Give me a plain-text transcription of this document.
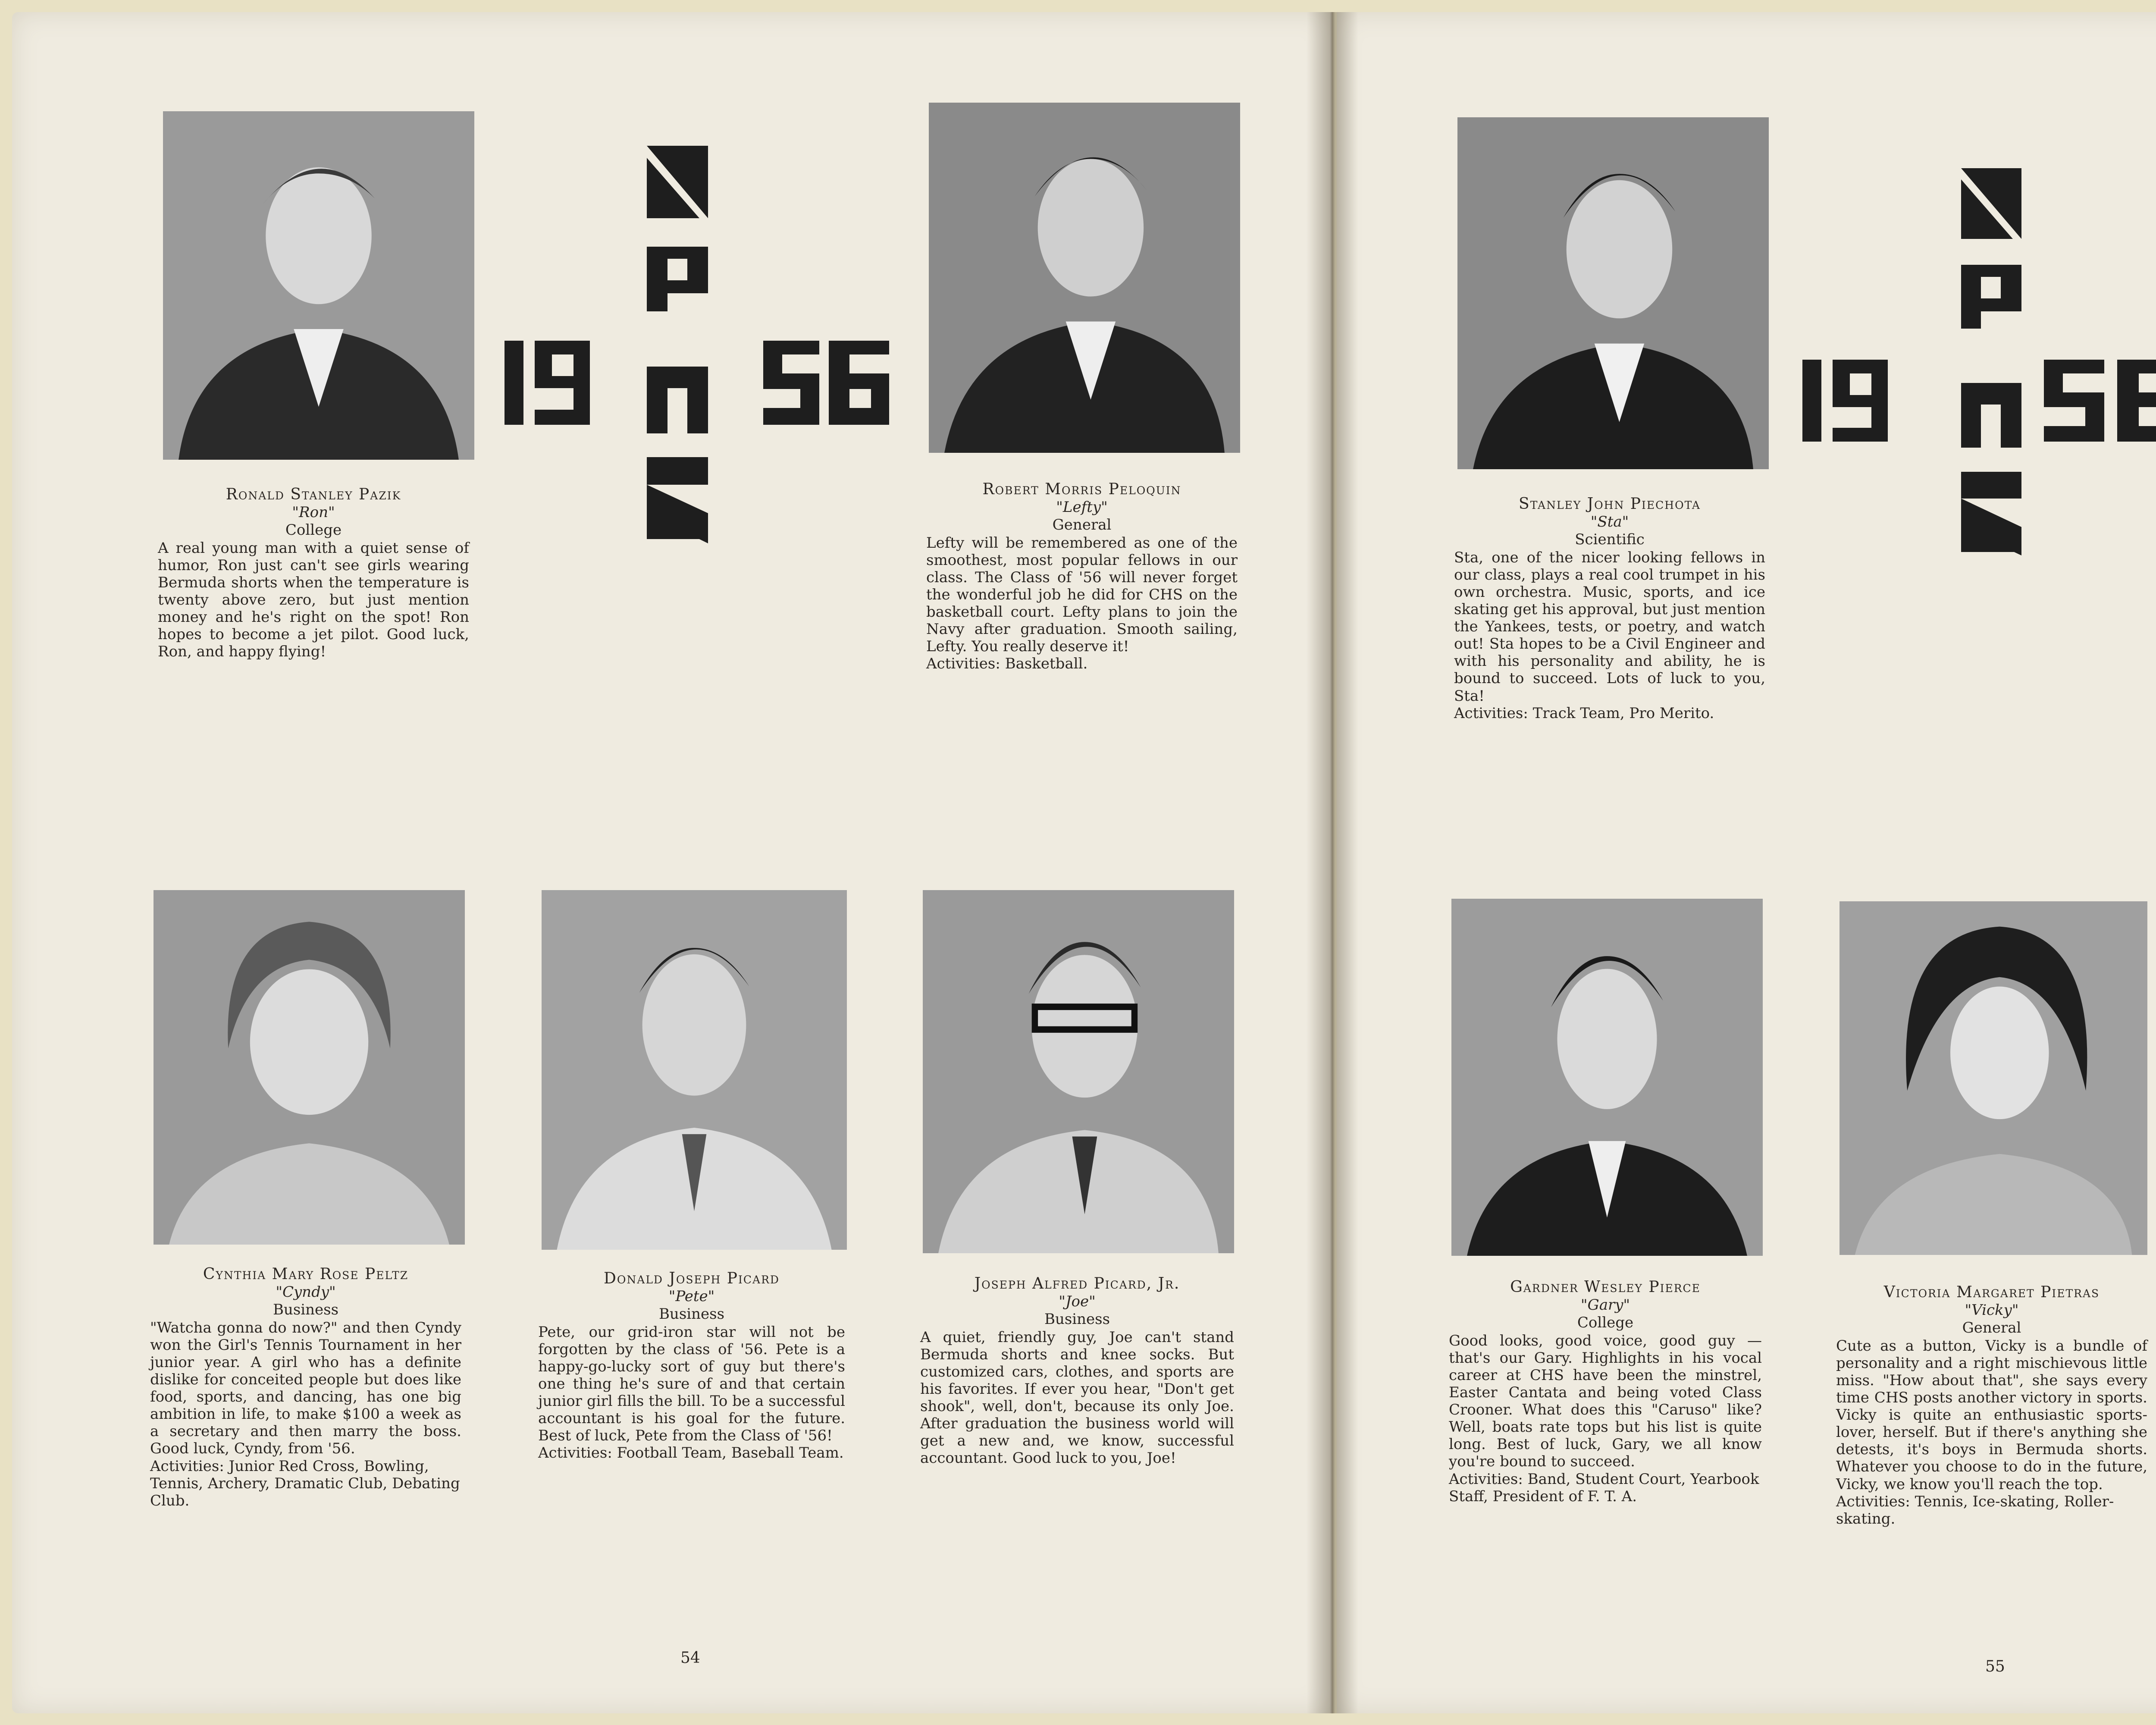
Ronald Stanley Pazik
"Ron"
College
A real young man with a quiet sense of humor, Ron just can't see girls wearing Bermuda shorts when the temperature is twenty above zero, but just mention money and he's right on the spot! Ron hopes to become a jet pilot. Good luck, Ron, and happy flying!
Robert Morris Peloquin
"Lefty"
General
Lefty will be remembered as one of the smoothest, most popular fellows in our class. The Class of '56 will never forget the wonderful job he did for CHS on the basketball court. Lefty plans to join the Navy after graduation. Smooth sailing, Lefty. You really deserve it!
Activities: Basketball.
Stanley John Piechota
"Sta"
Scientific
Sta, one of the nicer looking fellows in our class, plays a real cool trumpet in his own orchestra. Music, sports, and ice skating get his approval, but just mention the Yankees, tests, or poetry, and watch out! Sta hopes to be a Civil Engineer and with his personality and ability, he is bound to succeed. Lots of luck to you, Sta!
Activities: Track Team, Pro Merito.
Cynthia Mary Rose Peltz
"Cyndy"
Business
"Watcha gonna do now?" and then Cyndy won the Girl's Tennis Tournament in her junior year. A girl who has a definite dislike for conceited people but does like food, sports, and dancing, has one big ambition in life, to make $100 a week as a secretary and then marry the boss. Good luck, Cyndy, from '56.
Activities: Junior Red Cross, Bowling, Tennis, Archery, Dramatic Club, Debating Club.
Donald Joseph Picard
"Pete"
Business
Pete, our grid-iron star will not be forgotten by the class of '56. Pete is a happy-go-lucky sort of guy but there's one thing he's sure of and that certain junior girl fills the bill. To be a successful accountant is his goal for the future. Best of luck, Pete from the Class of '56!
Activities: Football Team, Baseball Team.
Joseph Alfred Picard, Jr.
"Joe"
Business
A quiet, friendly guy, Joe can't stand Bermuda shorts and knee socks. But customized cars, clothes, and sports are his favorites. If ever you hear, "Don't get shook", well, don't, because its only Joe. After graduation the business world will get a new and, we know, successful accountant. Good luck to you, Joe!
Gardner Wesley Pierce
"Gary"
College
Good looks, good voice, good guy — that's our Gary. Highlights in his vocal career at CHS have been the minstrel, Easter Cantata and being voted Class Crooner. What does this "Caruso" like? Well, boats rate tops but his list is quite long. Best of luck, Gary, we all know you're bound to succeed.
Activities: Band, Student Court, Yearbook Staff, President of F. T. A.
Victoria Margaret Pietras
"Vicky"
General
Cute as a button, Vicky is a bundle of personality and a right mischievous little miss. "How about that", she says every time CHS posts another victory in sports. Vicky is quite an enthusiastic sports-lover, herself. But if there's anything she detests, it's boys in Bermuda shorts. Whatever you choose to do in the future, Vicky, we know you'll reach the top.
Activities: Tennis, Ice-skating, Roller-skating.
54	55
